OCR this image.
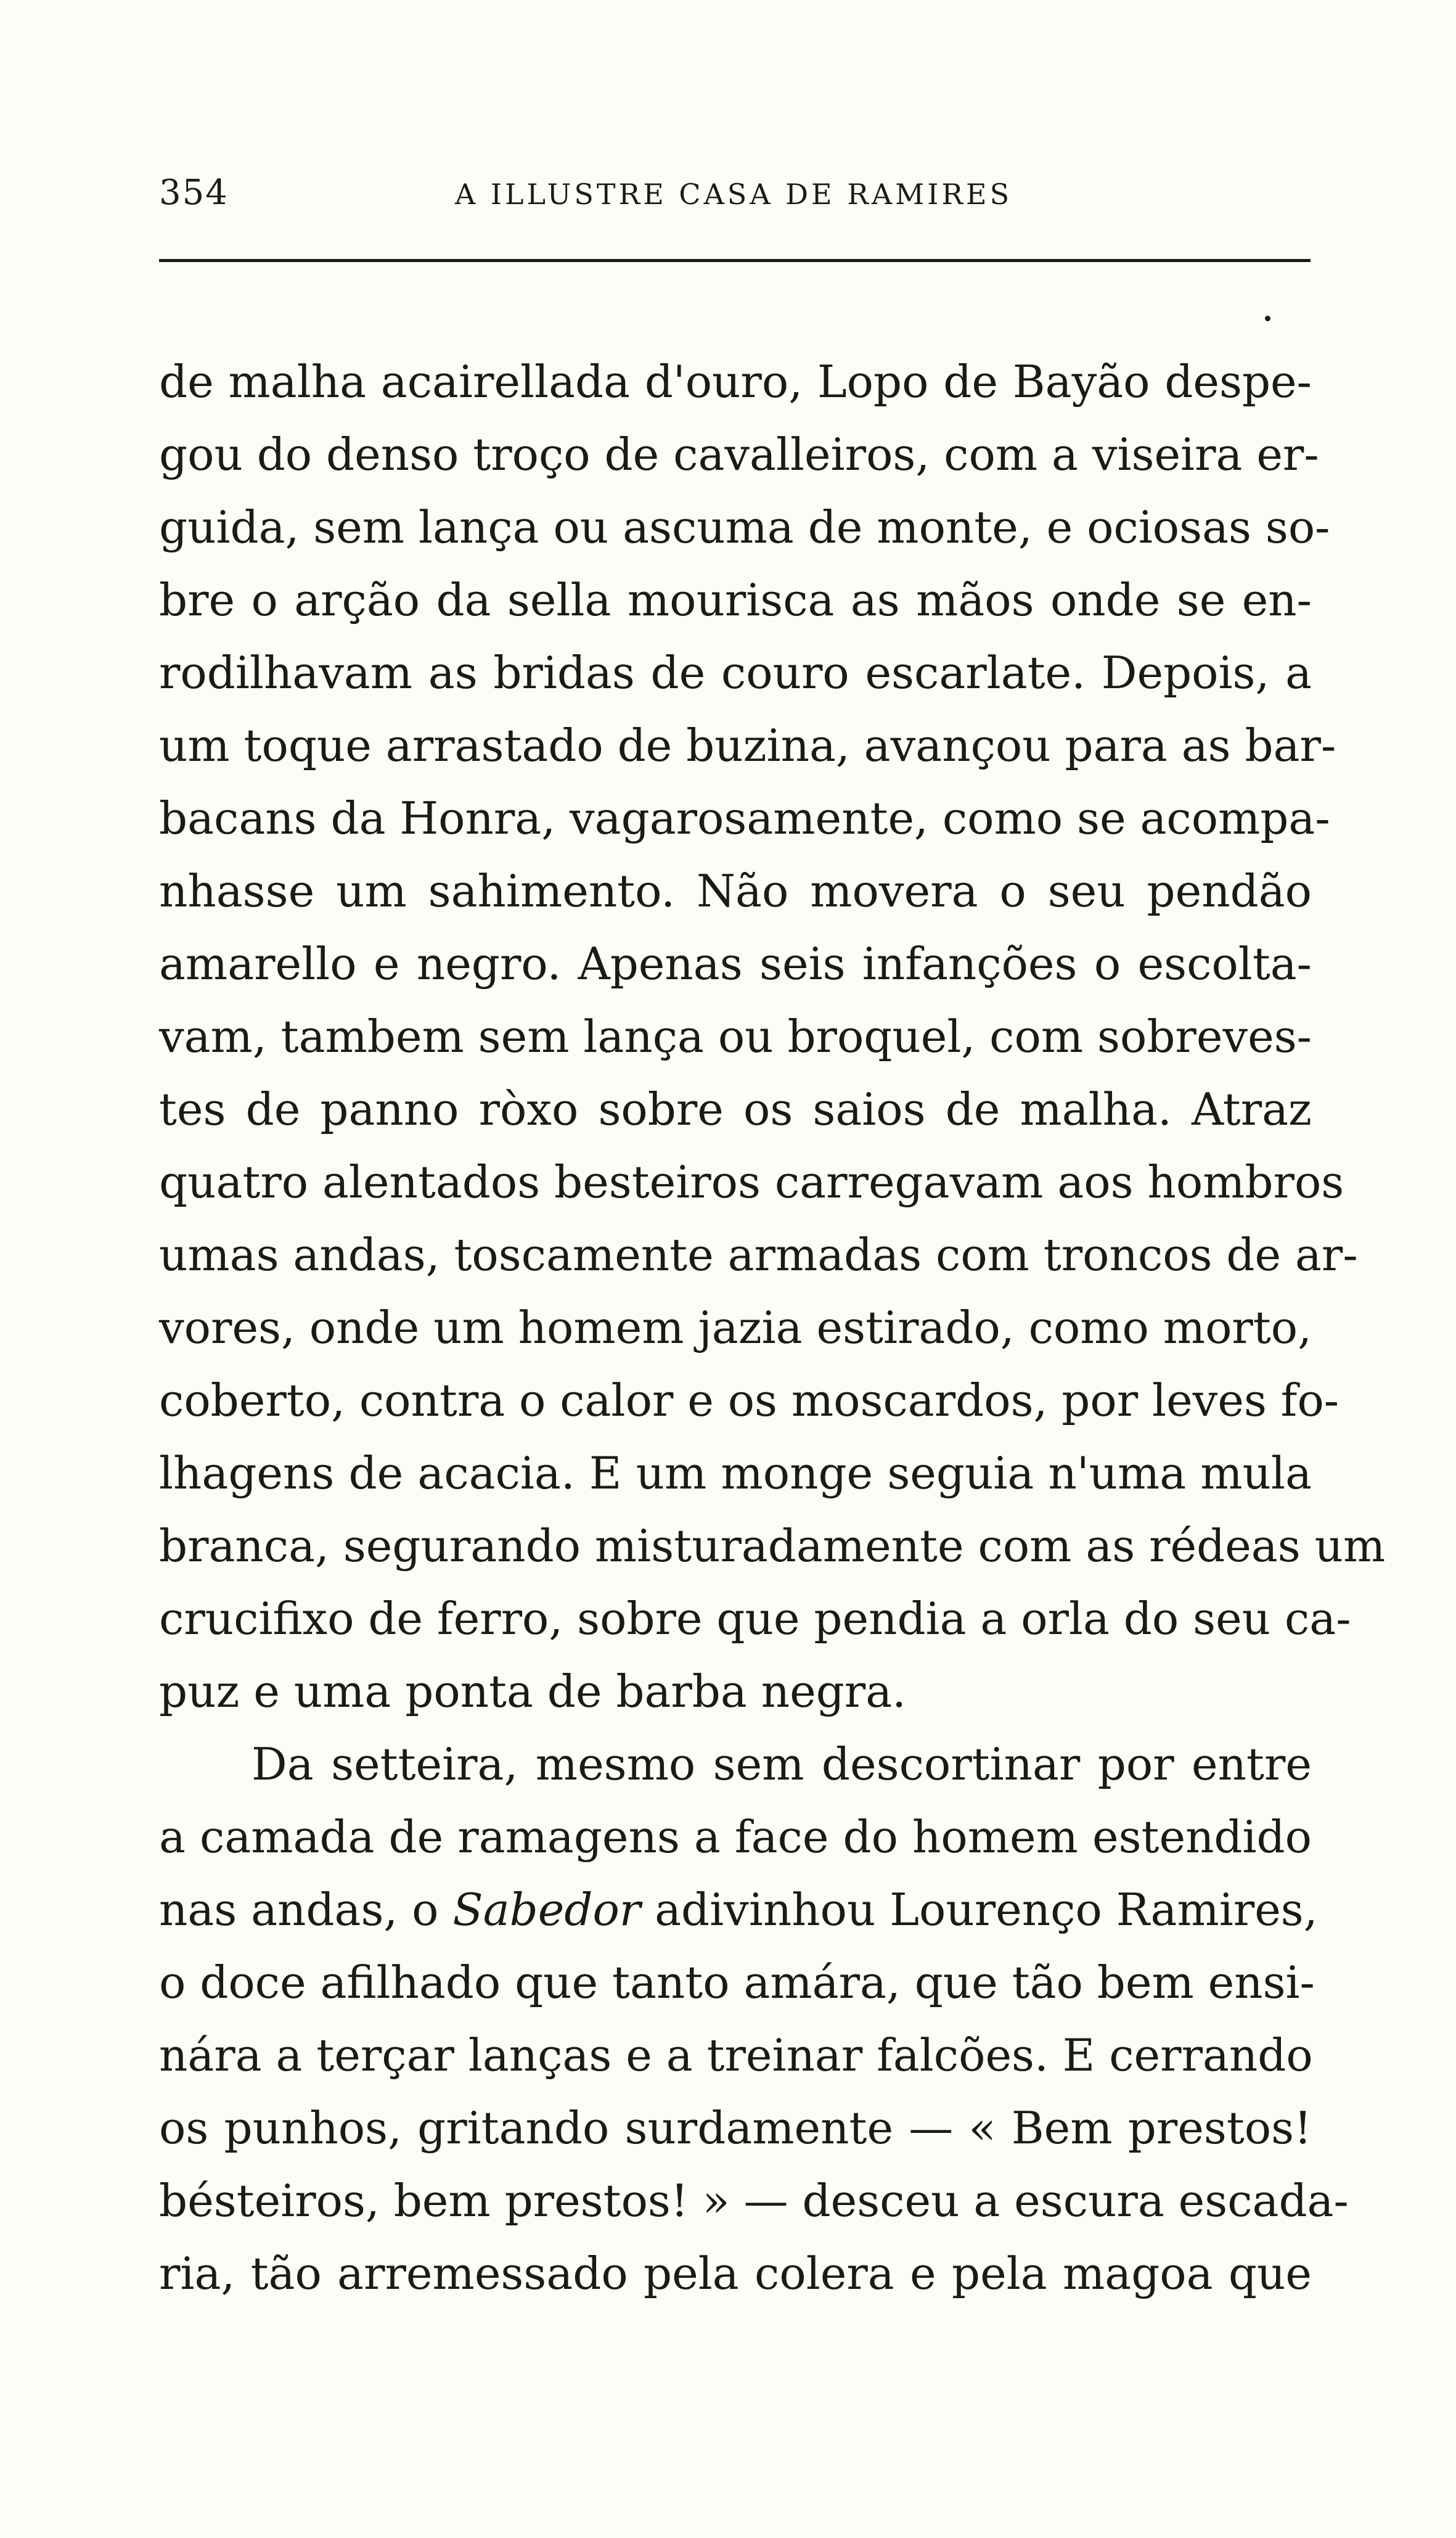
354	A ILLUSTRE CASA DE RAMIRES
de malha acairellada d'ouro, Lopo de Bayão despe-
gou do denso troço de cavalleiros, com a viseira er-
guida, sem lança ou ascuma de monte, e ociosas so-
bre o arção da sella mourisca as mãos onde se en-
rodilhavam as bridas de couro escarlate. Depois, a
um toque arrastado de buzina, avançou para as bar-
bacans da Honra, vagarosamente, como se acompa-
nhasse um sahimento. Não movera o seu pendão
amarello e negro. Apenas seis infanções o escolta-
vam, tambem sem lança ou broquel, com sobreves-
tes de panno ròxo sobre os saios de malha. Atraz
quatro alentados besteiros carregavam aos hombros
umas andas, toscamente armadas com troncos de ar-
vores, onde um homem jazia estirado, como morto,
coberto, contra o calor e os moscardos, por leves fo-
lhagens de acacia. E um monge seguia n'uma mula
branca, segurando misturadamente com as rédeas um
crucifixo de ferro, sobre que pendia a orla do seu ca-
puz e uma ponta de barba negra.
Da setteira, mesmo sem descortinar por entre
a camada de ramagens a face do homem estendido
nas andas, o Sabedor adivinhou Lourenço Ramires,
o doce afilhado que tanto amára, que tão bem ensi-
nára a terçar lanças e a treinar falcões. E cerrando
os punhos, gritando surdamente — « Bem prestos!
bésteiros, bem prestos! » — desceu a escura escada-
ria, tão arremessado pela colera e pela magoa que
